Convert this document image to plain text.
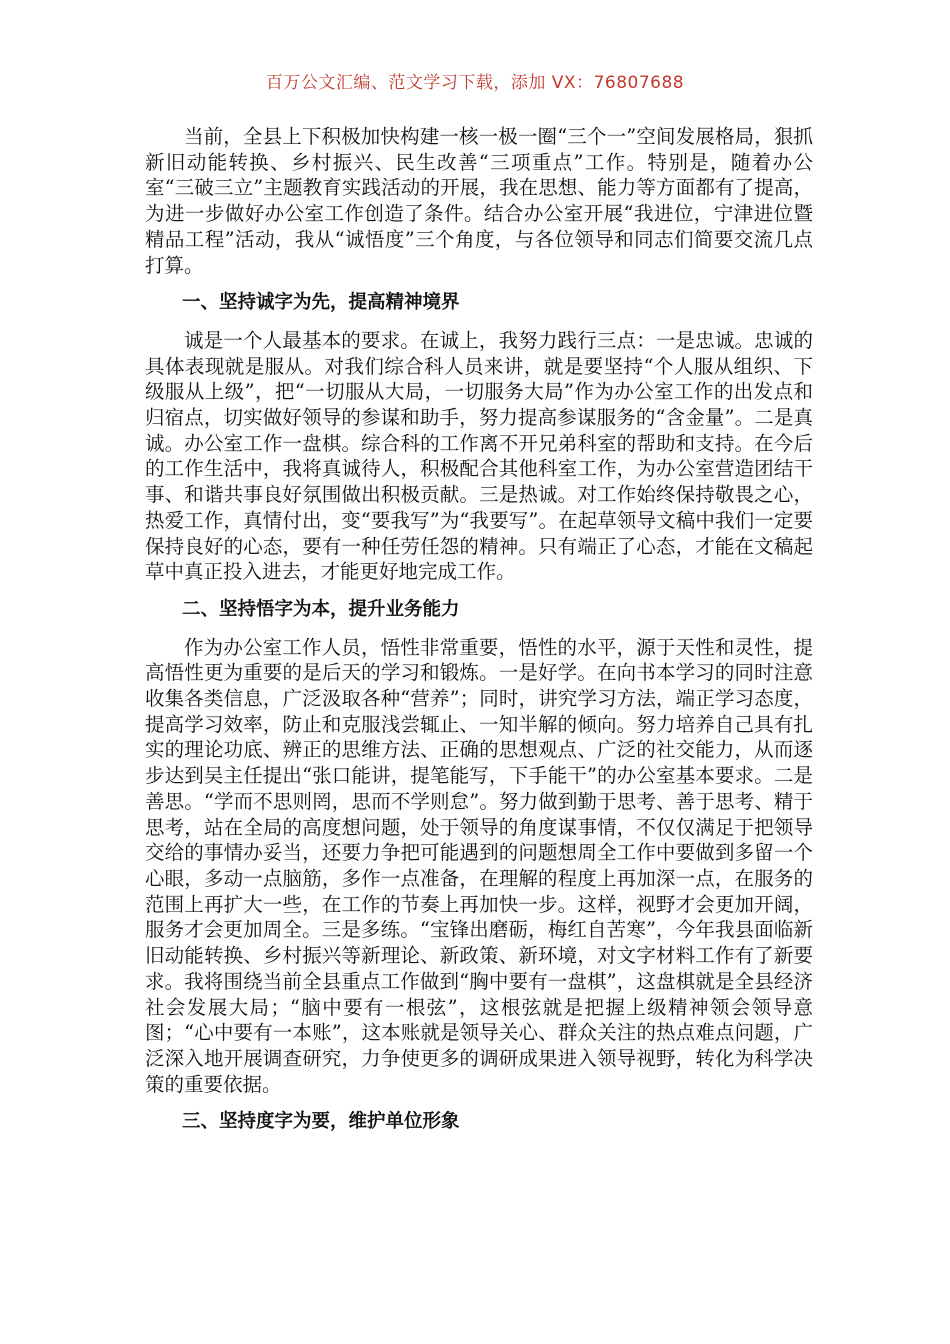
百万公文汇编、范文学习下载，添加 VX：76807688

当前，全县上下积极加快构建一核一极一圈“三个一”空间发展格局，狠抓新旧动能转换、乡村振兴、民生改善“三项重点”工作。特别是，随着办公室“三破三立”主题教育实践活动的开展，我在思想、能力等方面都有了提高，为进一步做好办公室工作创造了条件。结合办公室开展“我进位，宁津进位暨精品工程”活动，我从“诚悟度”三个角度，与各位领导和同志们简要交流几点打算。

一、坚持诚字为先，提高精神境界

诚是一个人最基本的要求。在诚上，我努力践行三点：一是忠诚。忠诚的具体表现就是服从。对我们综合科人员来讲，就是要坚持“个人服从组织、下级服从上级”，把“一切服从大局，一切服务大局”作为办公室工作的出发点和归宿点，切实做好领导的参谋和助手，努力提高参谋服务的“含金量”。二是真诚。办公室工作一盘棋。综合科的工作离不开兄弟科室的帮助和支持。在今后的工作生活中，我将真诚待人，积极配合其他科室工作，为办公室营造团结干事、和谐共事良好氛围做出积极贡献。三是热诚。对工作始终保持敬畏之心，热爱工作，真情付出，变“要我写”为“我要写”。在起草领导文稿中我们一定要保持良好的心态，要有一种任劳任怨的精神。只有端正了心态，才能在文稿起草中真正投入进去，才能更好地完成工作。

二、坚持悟字为本，提升业务能力

作为办公室工作人员，悟性非常重要，悟性的水平，源于天性和灵性，提高悟性更为重要的是后天的学习和锻炼。一是好学。在向书本学习的同时注意收集各类信息，广泛汲取各种“营养”；同时，讲究学习方法，端正学习态度，提高学习效率，防止和克服浅尝辄止、一知半解的倾向。努力培养自己具有扎实的理论功底、辨正的思维方法、正确的思想观点、广泛的社交能力，从而逐步达到吴主任提出“张口能讲，提笔能写，下手能干”的办公室基本要求。二是善思。“学而不思则罔，思而不学则怠”。努力做到勤于思考、善于思考、精于思考，站在全局的高度想问题，处于领导的角度谋事情，不仅仅满足于把领导交给的事情办妥当，还要力争把可能遇到的问题想周全工作中要做到多留一个心眼，多动一点脑筋，多作一点准备，在理解的程度上再加深一点，在服务的范围上再扩大一些，在工作的节奏上再加快一步。这样，视野才会更加开阔，服务才会更加周全。三是多练。“宝锋出磨砺，梅红自苦寒”，今年我县面临新旧动能转换、乡村振兴等新理论、新政策、新环境，对文字材料工作有了新要求。我将围绕当前全县重点工作做到“胸中要有一盘棋”，这盘棋就是全县经济社会发展大局；“脑中要有一根弦”，这根弦就是把握上级精神领会领导意图；“心中要有一本账”，这本账就是领导关心、群众关注的热点难点问题，广泛深入地开展调查研究，力争使更多的调研成果进入领导视野，转化为科学决策的重要依据。

三、坚持度字为要，维护单位形象
